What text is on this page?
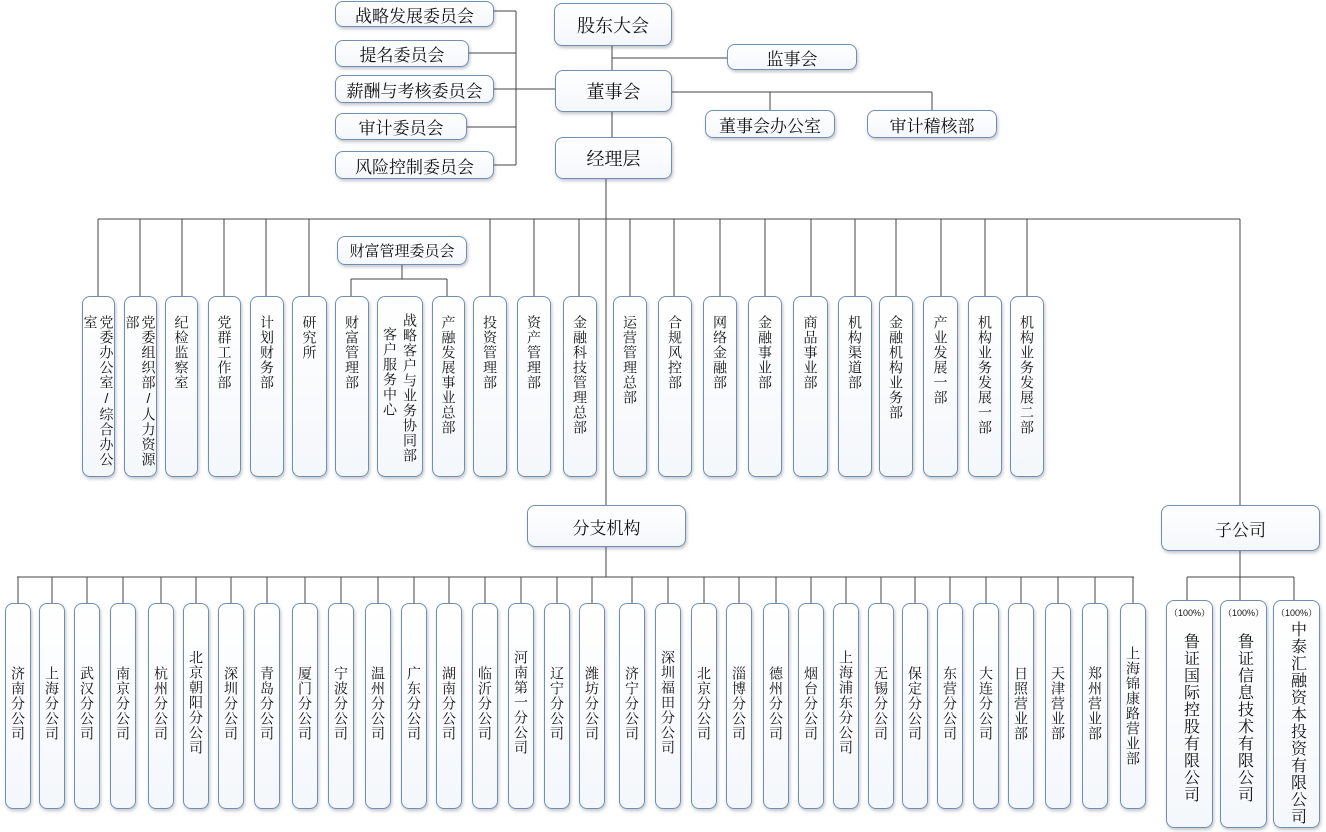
股东大会
监事会
董事会
董事会办公室	审计稽核部
经理层
战略发展委员会
提名委员会
薪酬与考核委员会
审计委员会
风险控制委员会
财富管理委员会
党委办公室/综合办公室	党委组织部/人力资源部	纪检监察室 党群工作部 计划财务部 研究所 财富管理部	战略客户与业务协同部
客户服务中心	产融发展事业总部 投资管理部 资产管理部 金融科技管理总部 运营管理总部 合规风控部 网络金融部 金融事业部 商品事业部 机构渠道部 金融机构业务部 产业发展一部 机构业务发展一部 机构业务发展二部
分支机构	子公司
济南分公司 上海分公司 武汉分公司 南京分公司 杭州分公司 北京朝阳分公司 深圳分公司 青岛分公司 厦门分公司 宁波分公司 温州分公司 广东分公司 湖南分公司 临沂分公司 河南第一分公司 辽宁分公司 潍坊分公司 济宁分公司 深圳福田分公司 北京分公司 淄博分公司 德州分公司 烟台分公司 上海浦东分公司 无锡分公司 保定分公司 东营分公司 大连分公司 日照营业部 天津营业部 郑州营业部 上海锦康路营业部
（100%）
鲁证国际控股有限公司
（100%）
鲁证信息技术有限公司
（100%）
中泰汇融资本投资有限公司
